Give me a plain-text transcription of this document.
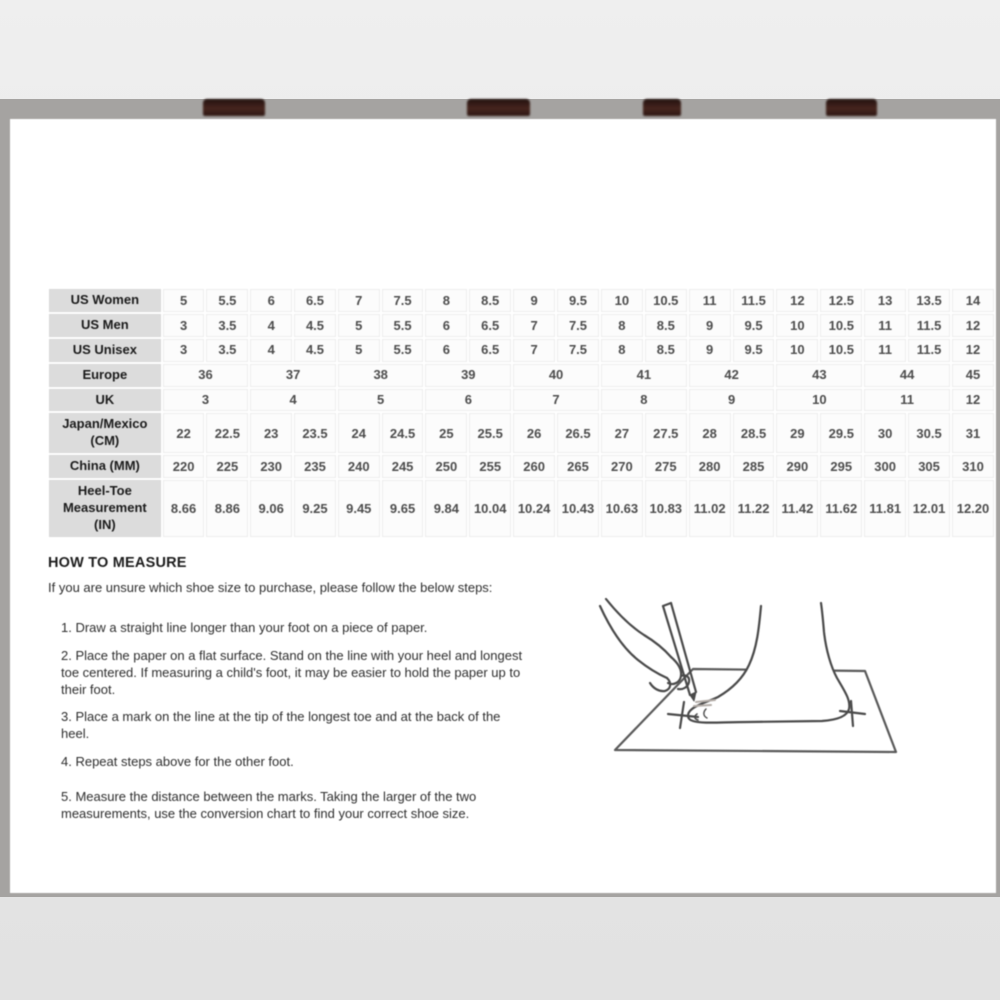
US Women	5	5.5	6	6.5	7	7.5	8	8.5	9	9.5	10	10.5	11	11.5	12	12.5	13	13.5	14
US Men	3	3.5	4	4.5	5	5.5	6	6.5	7	7.5	8	8.5	9	9.5	10	10.5	11	11.5	12
US Unisex	3	3.5	4	4.5	5	5.5	6	6.5	7	7.5	8	8.5	9	9.5	10	10.5	11	11.5	12
Europe	36		37		38		39		40		41		42		43		44		45
UK	3		4		5		6		7		8		9		10		11		12
Japan/Mexico (CM)	22	22.5	23	23.5	24	24.5	25	25.5	26	26.5	27	27.5	28	28.5	29	29.5	30	30.5	31
China (MM)	220	225	230	235	240	245	250	255	260	265	270	275	280	285	290	295	300	305	310
Heel-Toe Measurement (IN)	8.66	8.86	9.06	9.25	9.45	9.65	9.84	10.04	10.24	10.43	10.63	10.83	11.02	11.22	11.42	11.62	11.81	12.01	12.20
HOW TO MEASURE

If you are unsure which shoe size to purchase, please follow the below steps:

1. Draw a straight line longer than your foot on a piece of paper.

2. Place the paper on a flat surface. Stand on the line with your heel and longest toe centered. If measuring a child's foot, it may be easier to hold the paper up to their foot.

3. Place a mark on the line at the tip of the longest toe and at the back of the heel.

4. Repeat steps above for the other foot.

5. Measure the distance between the marks. Taking the larger of the two measurements, use the conversion chart to find your correct shoe size.
